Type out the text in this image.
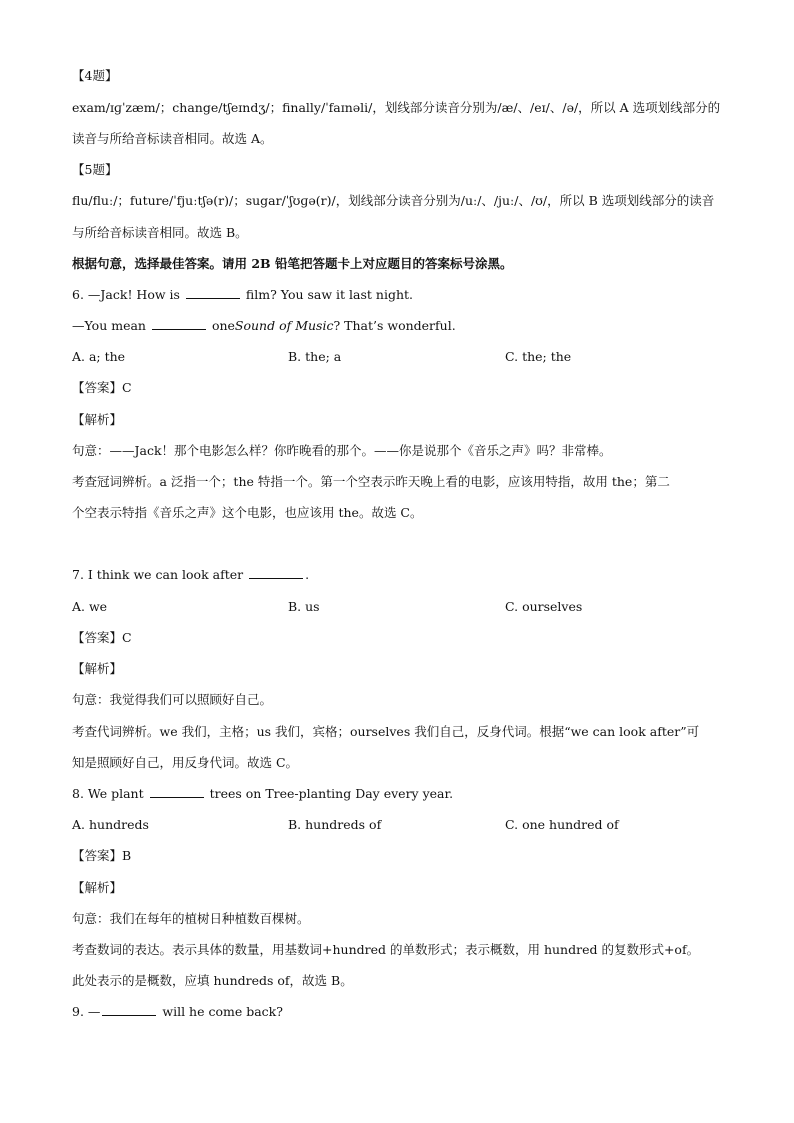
【4题】
exam/ɪɡˈzæm/；change/tʃeɪndʒ/；finally/ˈfaɪnəli/，划线部分读音分别为/æ/、/eɪ/、/ə/，所以 A 选项划线部分的
读音与所给音标读音相同。故选 A。
【5题】
flu/fluː/；future/ˈfjuːtʃə(r)/；sugar/ˈʃʊɡə(r)/，划线部分读音分别为/uː/、/juː/、/ʊ/，所以 B 选项划线部分的读音
与所给音标读音相同。故选 B。
根据句意，选择最佳答案。请用 2B 铅笔把答题卡上对应题目的答案标号涂黑。
6. —Jack! How is	film? You saw it last night.
—You mean	oneSound of Music? That’s wonderful.
A. a; the	B. the; a	C. the; the
【答案】C
【解析】
句意：——Jack！那个电影怎么样？你昨晚看的那个。——你是说那个《音乐之声》吗？非常棒。
考查冠词辨析。a 泛指一个；the 特指一个。第一个空表示昨天晚上看的电影，应该用特指，故用 the；第二
个空表示特指《音乐之声》这个电影，也应该用 the。故选 C。
7. I think we can look after	.
A. we	B. us	C. ourselves
【答案】C
【解析】
句意：我觉得我们可以照顾好自己。
考查代词辨析。we 我们，主格；us 我们，宾格；ourselves 我们自己，反身代词。根据“we can look after”可
知是照顾好自己，用反身代词。故选 C。
8. We plant	trees on Tree-planting Day every year.
A. hundreds	B. hundreds of	C. one hundred of
【答案】B
【解析】
句意：我们在每年的植树日种植数百棵树。
考查数词的表达。表示具体的数量，用基数词+hundred 的单数形式；表示概数，用 hundred 的复数形式+of。
此处表示的是概数，应填 hundreds of，故选 B。
9. —	will he come back?
